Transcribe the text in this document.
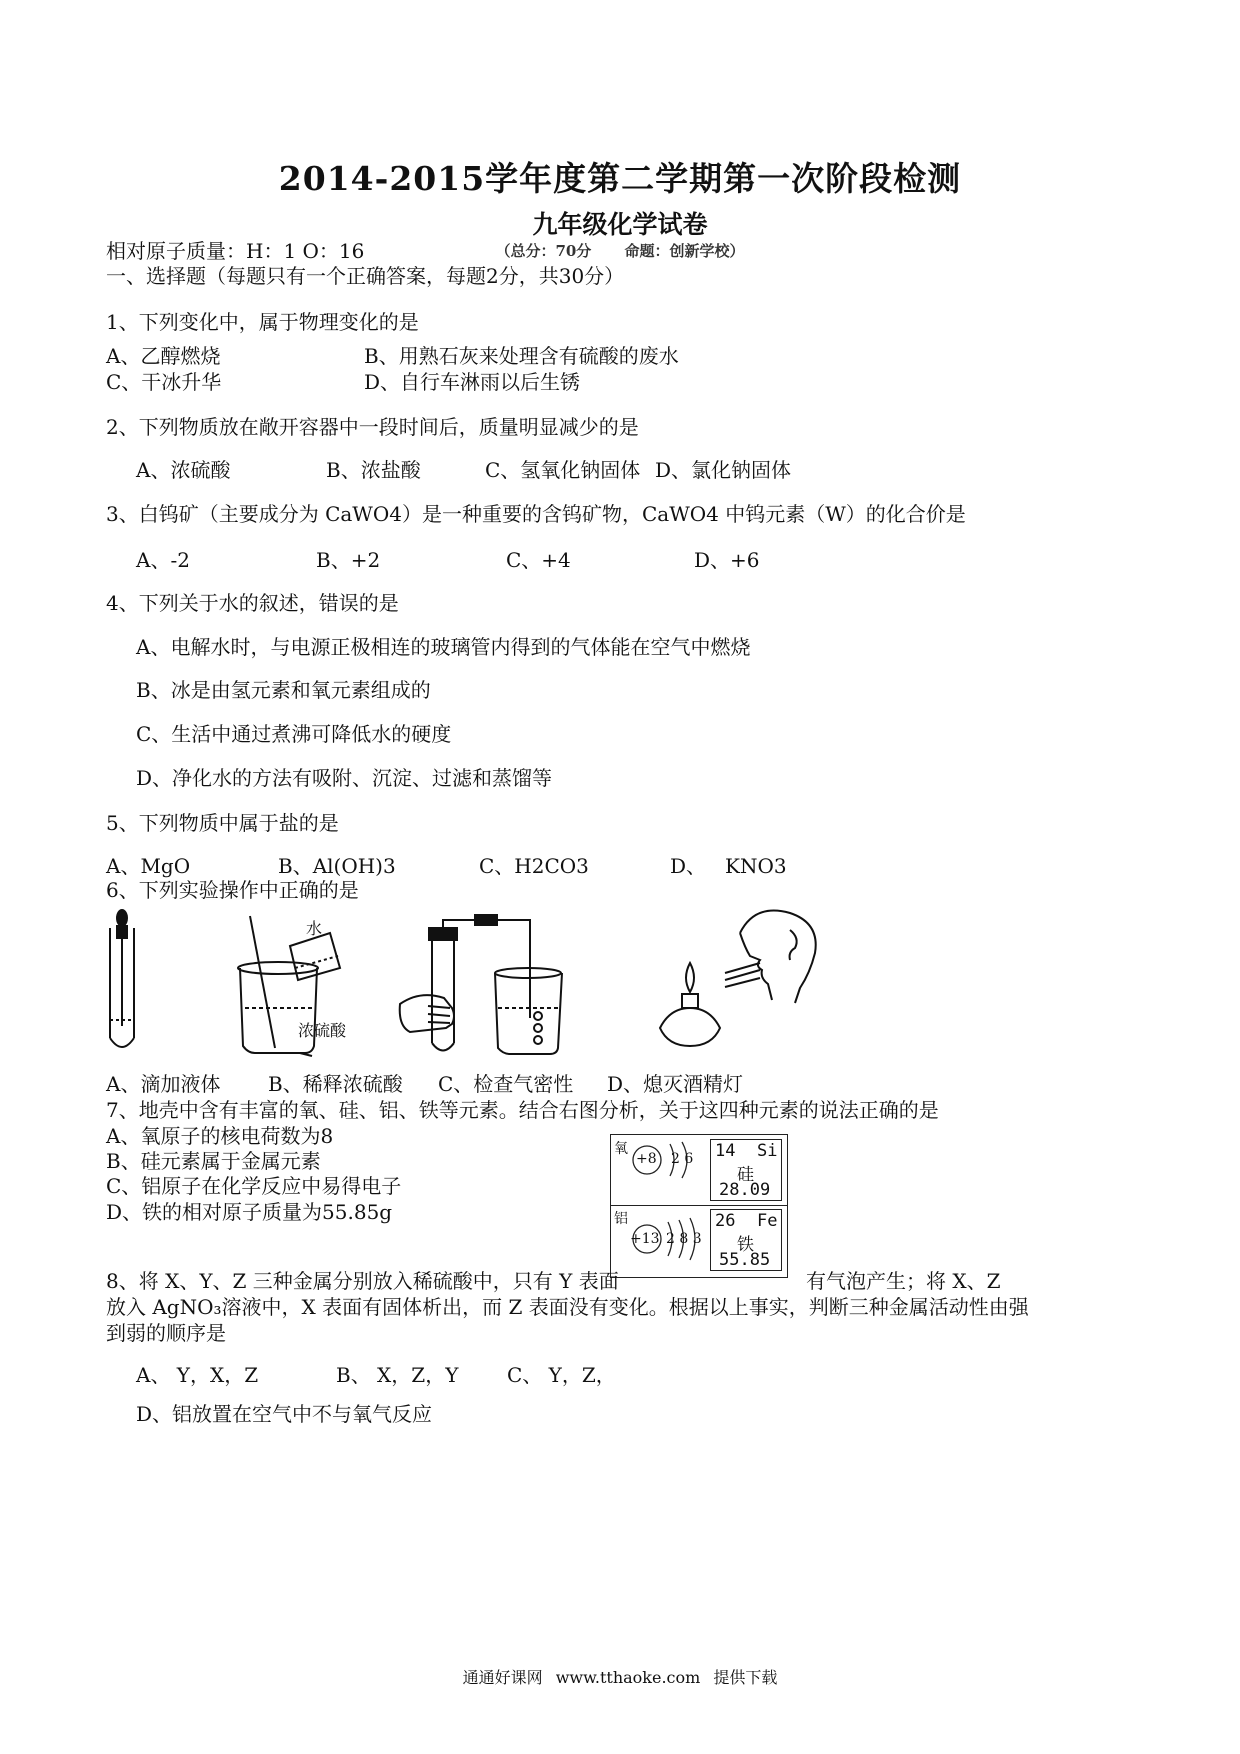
2014-2015学年度第二学期第一次阶段检测
九年级化学试卷
（总分：70分 命题：创新学校）
相对原子质量：H：1 O：16
一、选择题（每题只有一个正确答案，每题2分，共30分）
1、下列变化中，属于物理变化的是
A、乙醇燃烧	B、用熟石灰来处理含有硫酸的废水
C、干冰升华	D、自行车淋雨以后生锈
2、下列物质放在敞开容器中一段时间后，质量明显减少的是
A、浓硫酸	B、浓盐酸	C、氢氧化钠固体 D、氯化钠固体
3、白钨矿（主要成分为 CaWO4）是一种重要的含钨矿物，CaWO4 中钨元素（W）的化合价是
A、-2	B、+2	C、+4	D、+6
4、下列关于水的叙述，错误的是
A、电解水时，与电源正极相连的玻璃管内得到的气体能在空气中燃烧
B、冰是由氢元素和氧元素组成的
C、生活中通过煮沸可降低水的硬度
D、净化水的方法有吸附、沉淀、过滤和蒸馏等
5、下列物质中属于盐的是
A、MgO	B、Al(OH)3	C、H2CO3	D、 KNO3
6、下列实验操作中正确的是
水
浓硫酸
A、滴加液体 B、稀释浓硫酸 C、检查气密性 D、熄灭酒精灯
7、地壳中含有丰富的氧、硅、铝、铁等元素。结合右图分析，关于这四种元素的说法正确的是
A、氧原子的核电荷数为8
B、硅元素属于金属元素
C、铝原子在化学反应中易得电子
D、铁的相对原子质量为55.85g
氧
+8 2 6
铝
+13 2 8 3
14 Si
硅
28.09
26 Fe
铁
55.85
8、将 X、Y、Z 三种金属分别放入稀硫酸中，只有 Y 表面	有气泡产生；将 X、Z
放入 AgNO₃溶液中，X 表面有固体析出，而 Z 表面没有变化。根据以上事实，判断三种金属活动性由强
到弱的顺序是
A、 Y，X，Z	B、 X，Z，Y C、 Y，Z，
D、铝放置在空气中不与氧气反应
通通好课网 www.tthaoke.com 提供下载
